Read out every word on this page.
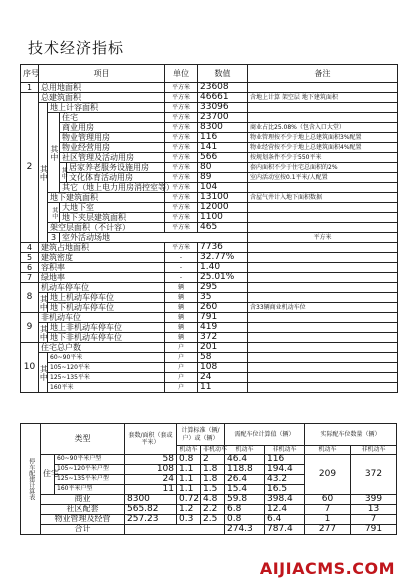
技术经济指标
序号	项目				单位	数值	备注	
1	总用地面积				平方米	23608		
2	总建筑面积				平方米	46661	含地上计算 架空层 地下建筑面积	
	其中	地上计容面积			平方米	33096		
		其中	住宅		平方米	23700		
			商业用房		平方米	8300	商业占比25.08%（包含入口大堂）	
			物业管理用房		平方米	116	物业管理按不少于地上总建筑面积3%配置	
			物业经营用房		平方米	141	物业经营按不少于地上总建筑面积4%配置	
			社区管理及活动用房		平方米	566	按规划条件不少于550平米	
			其中	居家养老服务设施用房	平方米	80	套内面积不少于住宅总面积的2%	
				文化体育活动用房	平方米	89	室内活动室按0.1平米/人配置	
			其它（地上电力用房消控室等）		平方米	104		
		地下建筑面积			平方米	13100	含屋气井计入地下面积数据	
		其中	大地下室		平方米	12000		
			地下夹层建筑面积		平方米	1100		
		架空层面积（不计容）			平方米	465		
		3	室外活动场地				平方米		
4	建筑占地面积				平方米	7736		
5	建筑密度				-	32.77%		
6	容积率				-	1.40		
7	绿地率				-	25.01%		
8	机动车停车位				辆	295		
	其中	地上机动车停车位			辆	35		
		地下机动车停车位			辆	260	含33辆商业机动车位	
9	非机动车位				辆	791		
	其中	地上非机动车停车位			辆	419		
		地下非机动车停车位			辆	372		
10	住宅总户数				户	201		
	其中	60~90平米			户	58		
		105~120平米			户	108		
		125~135平米			户	24		
		160平米			户	11		
停车配建计算表	类型		套数/面积（套或平米）	计算标准（辆/户）或（辆）		需配车位计算值（辆）		实际配车位数量（辆）	
				机动车	非机动车	机动车	非机动车	机动车	非机动车
	住宅	60~90平米户型	58	0.8	2	46.4	116	209	372
		105~120平米户型	108	1.1	1.8	118.8	194.4		
		125~135平米户型	24	1.1	1.8	26.4	43.2		
		160平米户型	11	1.1	1.5	15.4	16.5		
	商业		8300	0.72	4.8	59.8	398.4	60	399
	社区配套		565.82	1.2	2.2	6.8	12.4	7	13
	物业管理及经营		257.23	0.3	2.5	0.8	6.4	1	7
	合计					274.3	787.4	277	791
AIJIACMS.COM
